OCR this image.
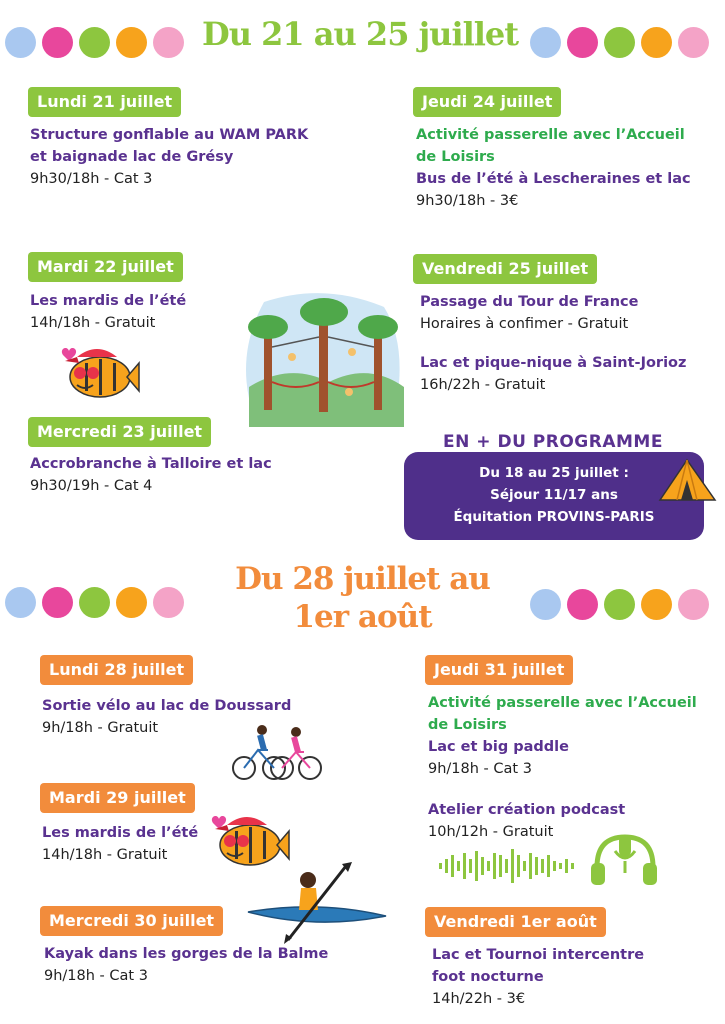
Du 21 au 25 juillet
Lundi 21 juillet
Structure gonflable au WAM PARK
et baignade lac de Grésy
9h30/18h - Cat 3
Mardi 22 juillet
Les mardis de l’été
14h/18h - Gratuit
Mercredi 23 juillet
Accrobranche à Talloire et lac
9h30/19h - Cat 4
Jeudi 24 juillet
Activité passerelle avec l’Accueil
de Loisirs
Bus de l’été à Lescheraines et lac
9h30/18h - 3€
Vendredi 25 juillet
Passage du Tour de France
Horaires à confimer - Gratuit
Lac et pique-nique à Saint-Jorioz
16h/22h - Gratuit
EN + DU PROGRAMME
Du 18 au 25 juillet :
Séjour 11/17 ans
Équitation PROVINS-PARIS
Du 28 juillet au
1er août
Lundi 28 juillet
Sortie vélo au lac de Doussard
9h/18h - Gratuit
Mardi 29 juillet
Les mardis de l’été
14h/18h - Gratuit
Mercredi 30 juillet
Kayak dans les gorges de la Balme
9h/18h - Cat 3
Jeudi 31 juillet
Activité passerelle avec l’Accueil
de Loisirs
Lac et big paddle
9h/18h - Cat 3
Atelier création podcast
10h/12h - Gratuit
Vendredi 1er août
Lac et Tournoi intercentre
foot nocturne
14h/22h - 3€
